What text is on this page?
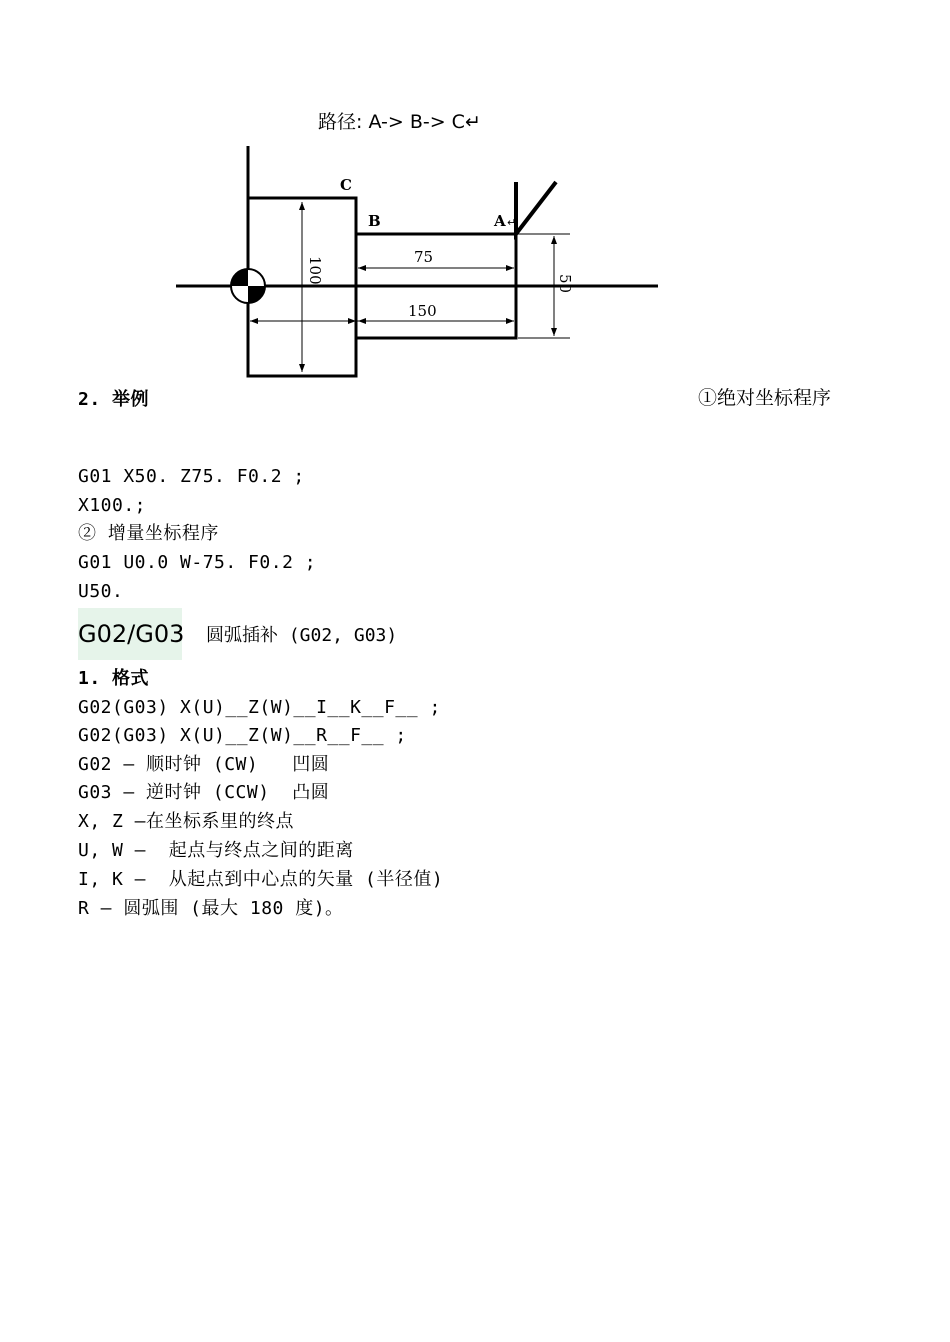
路径: A-> B-> C↵
100	75
150
50
C
B	A ↵
2. 举例	①绝对坐标程序
G01 X50. Z75. F0.2 ;
X100.;
② 增量坐标程序
G01 U0.0 W-75. F0.2 ;
U50.
G02/G03 圆弧插补 (G02, G03)
1. 格式
G02(G03) X(U)__Z(W)__I__K__F__ ;
G02(G03) X(U)__Z(W)__R__F__ ;
G02 – 顺时钟 (CW)   凹圆
G03 – 逆时钟 (CCW)  凸圆
X, Z –在坐标系里的终点
U, W –  起点与终点之间的距离
I, K –  从起点到中心点的矢量 (半径值)
R – 圆弧围 (最大 180 度)。
